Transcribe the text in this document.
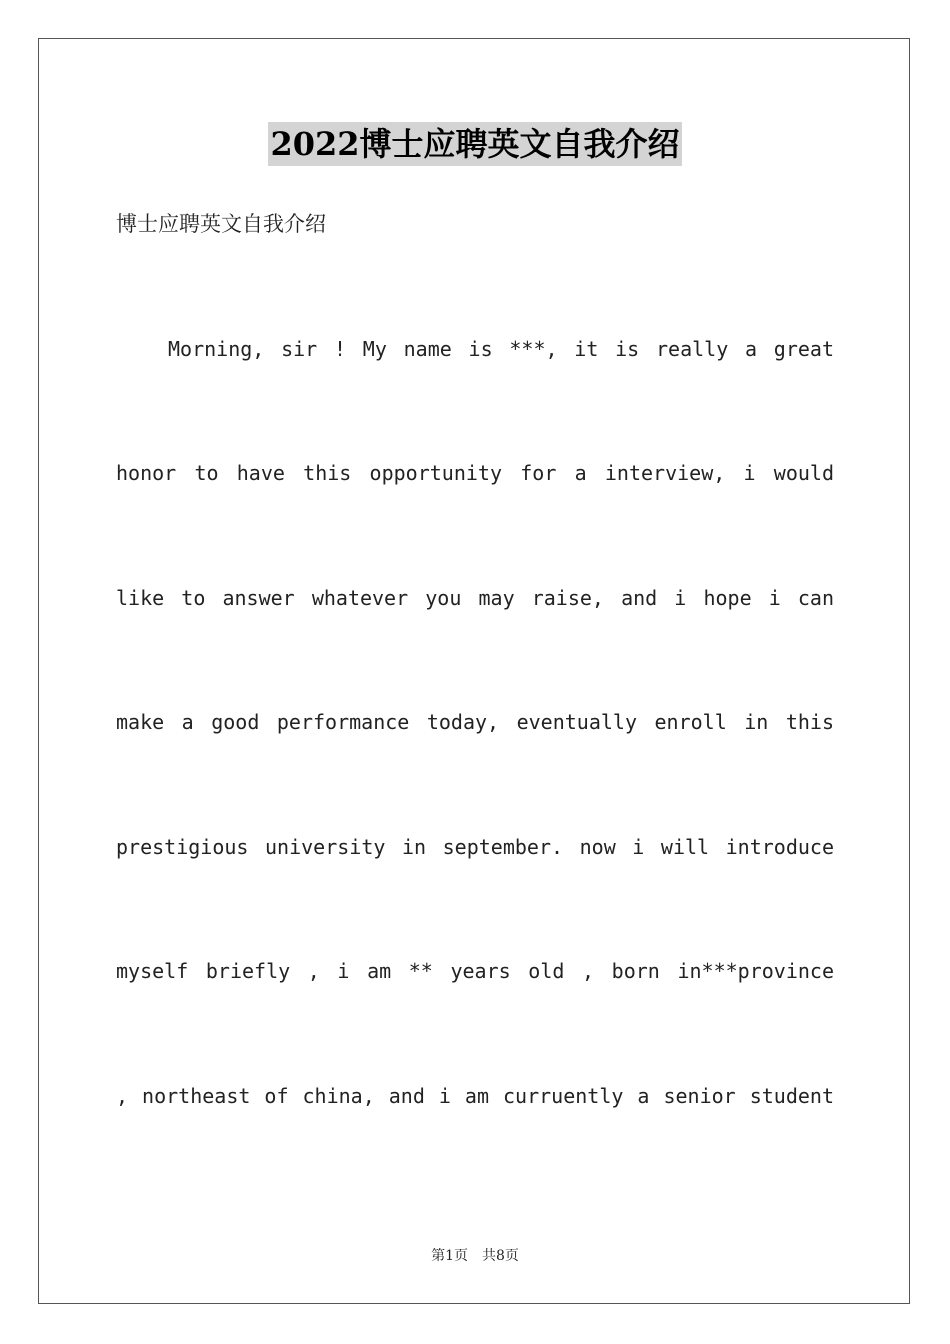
2022博士应聘英文自我介绍

博士应聘英文自我介绍

Morning, sir ! My name is ***, it is really a great
honor to have this opportunity for a interview, i would
like to answer whatever you may raise, and i hope i can
make a good performance today, eventually enroll in this
prestigious university in september. now i will introduce
myself briefly , i am ** years old , born in***province
, northeast of china, and i am curruently a senior student
第1页 共8页
